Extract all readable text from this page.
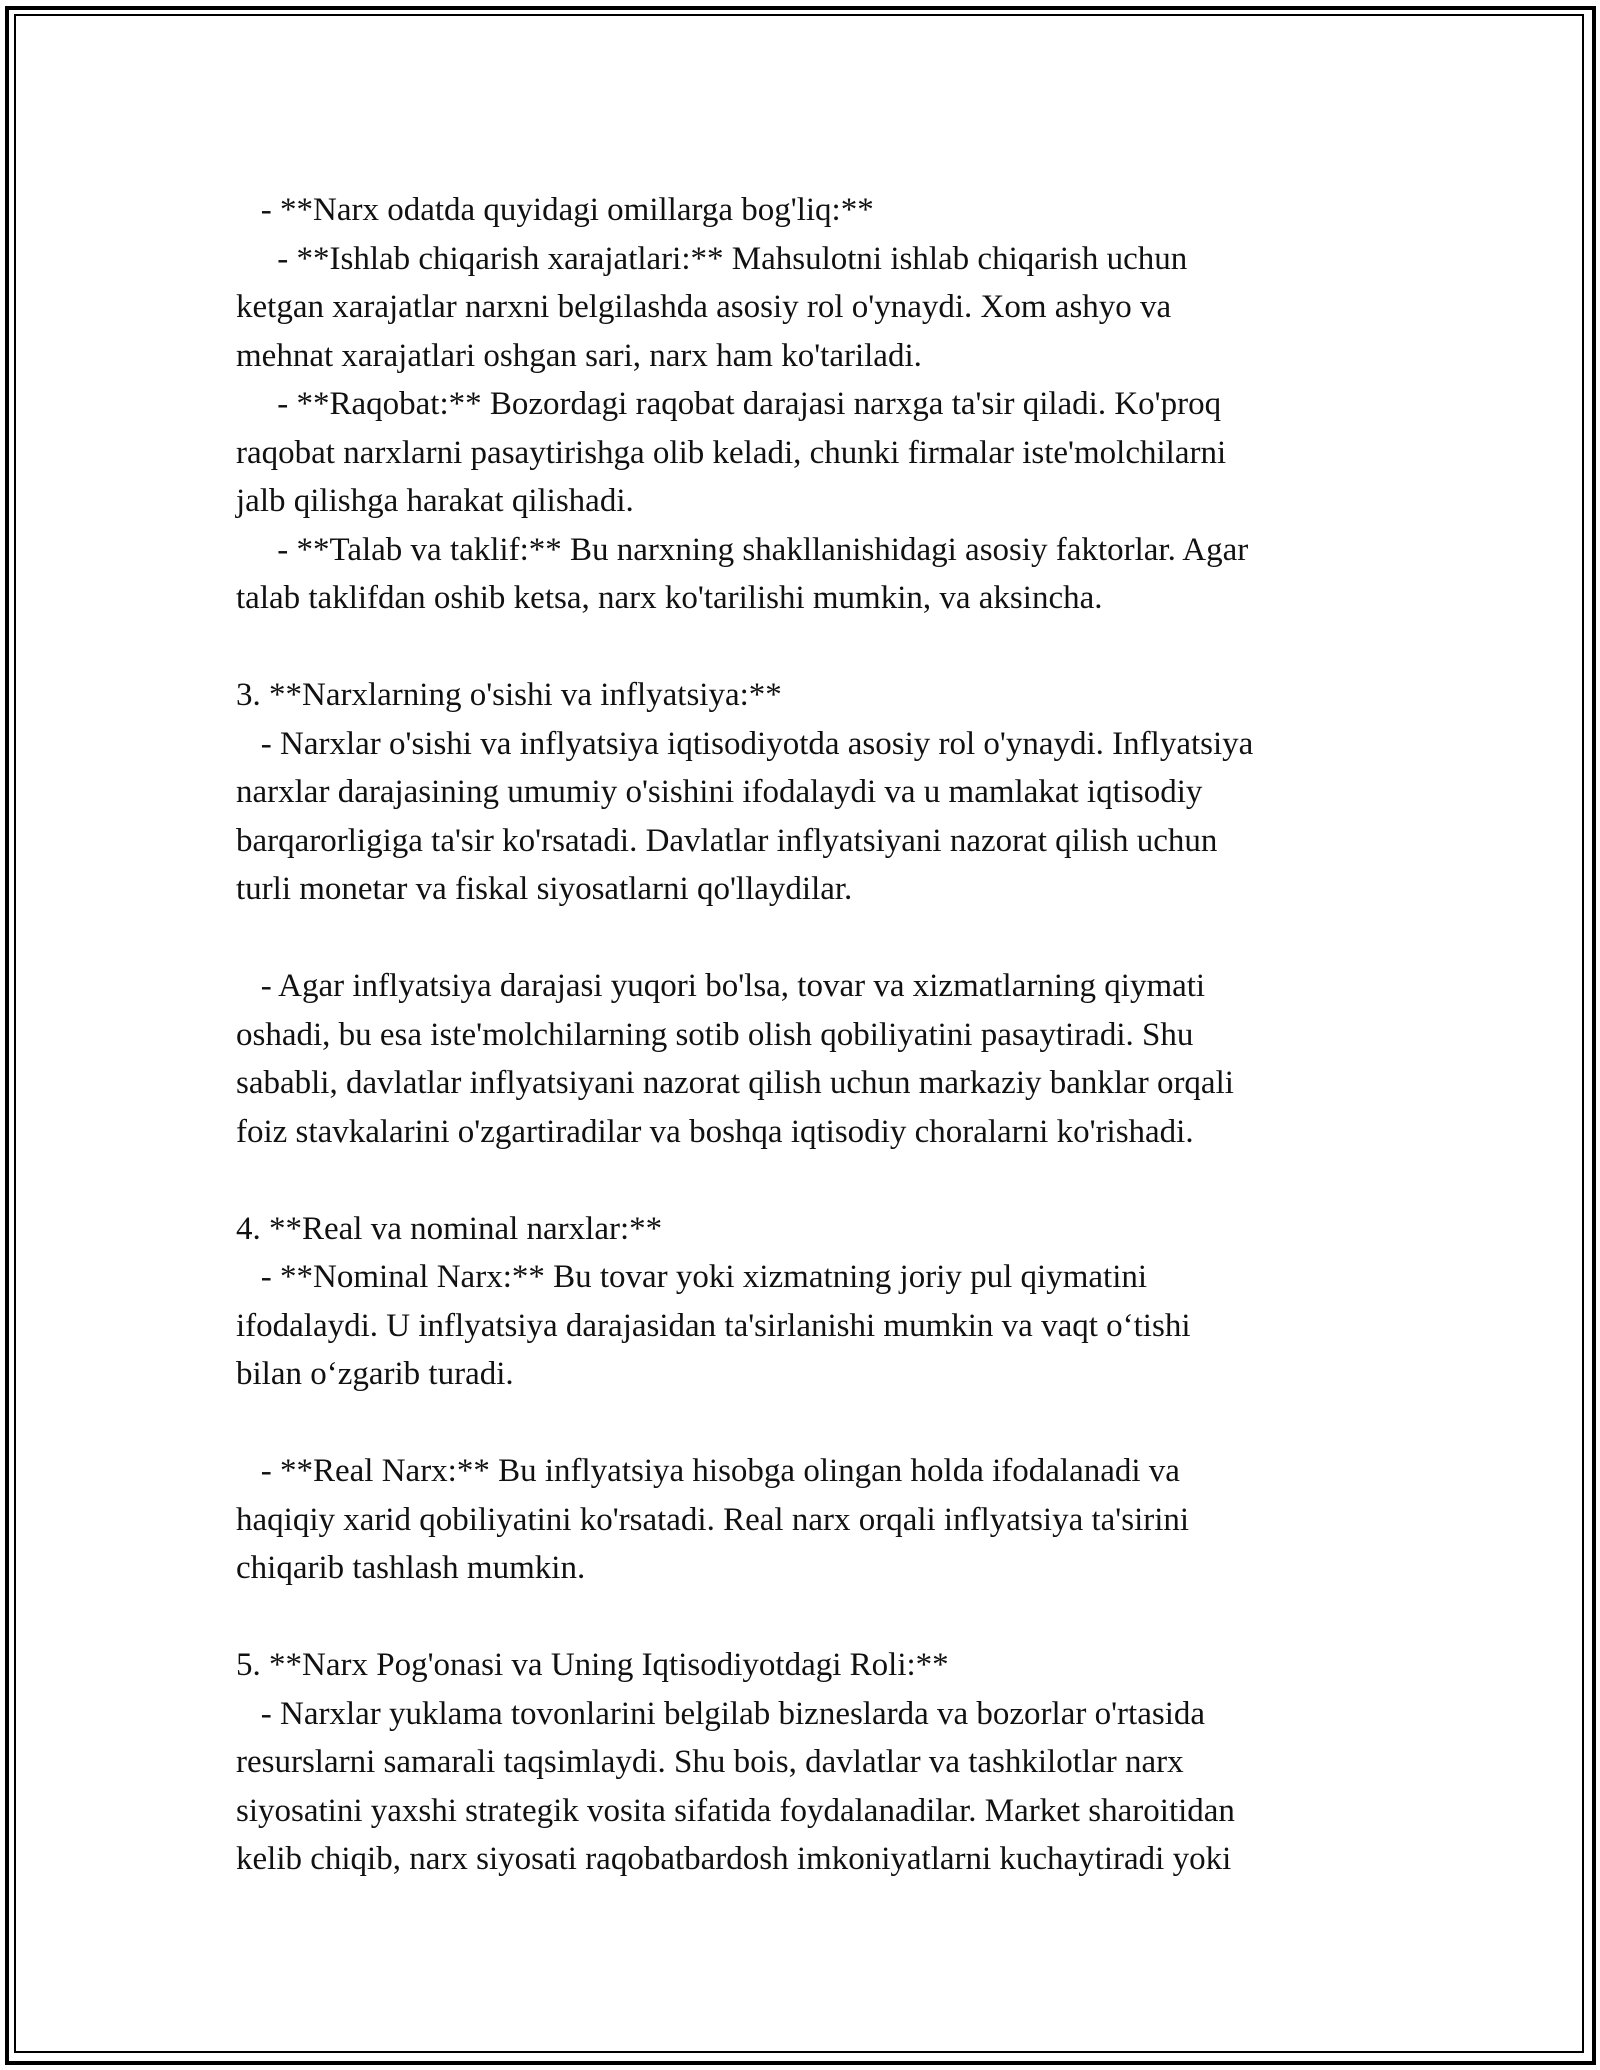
- **Narx odatda quyidagi omillarga bog'liq:**
- **Ishlab chiqarish xarajatlari:** Mahsulotni ishlab chiqarish uchun
ketgan xarajatlar narxni belgilashda asosiy rol o'ynaydi. Xom ashyo va
mehnat xarajatlari oshgan sari, narx ham ko'tariladi.
- **Raqobat:** Bozordagi raqobat darajasi narxga ta'sir qiladi. Ko'proq
raqobat narxlarni pasaytirishga olib keladi, chunki firmalar iste'molchilarni
jalb qilishga harakat qilishadi.
- **Talab va taklif:** Bu narxning shakllanishidagi asosiy faktorlar. Agar
talab taklifdan oshib ketsa, narx ko'tarilishi mumkin, va aksincha.
3. **Narxlarning o'sishi va inflyatsiya:**
- Narxlar o'sishi va inflyatsiya iqtisodiyotda asosiy rol o'ynaydi. Inflyatsiya
narxlar darajasining umumiy o'sishini ifodalaydi va u mamlakat iqtisodiy
barqarorligiga ta'sir ko'rsatadi. Davlatlar inflyatsiyani nazorat qilish uchun
turli monetar va fiskal siyosatlarni qo'llaydilar.
- Agar inflyatsiya darajasi yuqori bo'lsa, tovar va xizmatlarning qiymati
oshadi, bu esa iste'molchilarning sotib olish qobiliyatini pasaytiradi. Shu
sababli, davlatlar inflyatsiyani nazorat qilish uchun markaziy banklar orqali
foiz stavkalarini o'zgartiradilar va boshqa iqtisodiy choralarni ko'rishadi.
4. **Real va nominal narxlar:**
- **Nominal Narx:** Bu tovar yoki xizmatning joriy pul qiymatini
ifodalaydi. U inflyatsiya darajasidan ta'sirlanishi mumkin va vaqt o‘tishi
bilan o‘zgarib turadi.
- **Real Narx:** Bu inflyatsiya hisobga olingan holda ifodalanadi va
haqiqiy xarid qobiliyatini ko'rsatadi. Real narx orqali inflyatsiya ta'sirini
chiqarib tashlash mumkin.
5. **Narx Pog'onasi va Uning Iqtisodiyotdagi Roli:**
- Narxlar yuklama tovonlarini belgilab bizneslarda va bozorlar o'rtasida
resurslarni samarali taqsimlaydi. Shu bois, davlatlar va tashkilotlar narx
siyosatini yaxshi strategik vosita sifatida foydalanadilar. Market sharoitidan
kelib chiqib, narx siyosati raqobatbardosh imkoniyatlarni kuchaytiradi yoki
